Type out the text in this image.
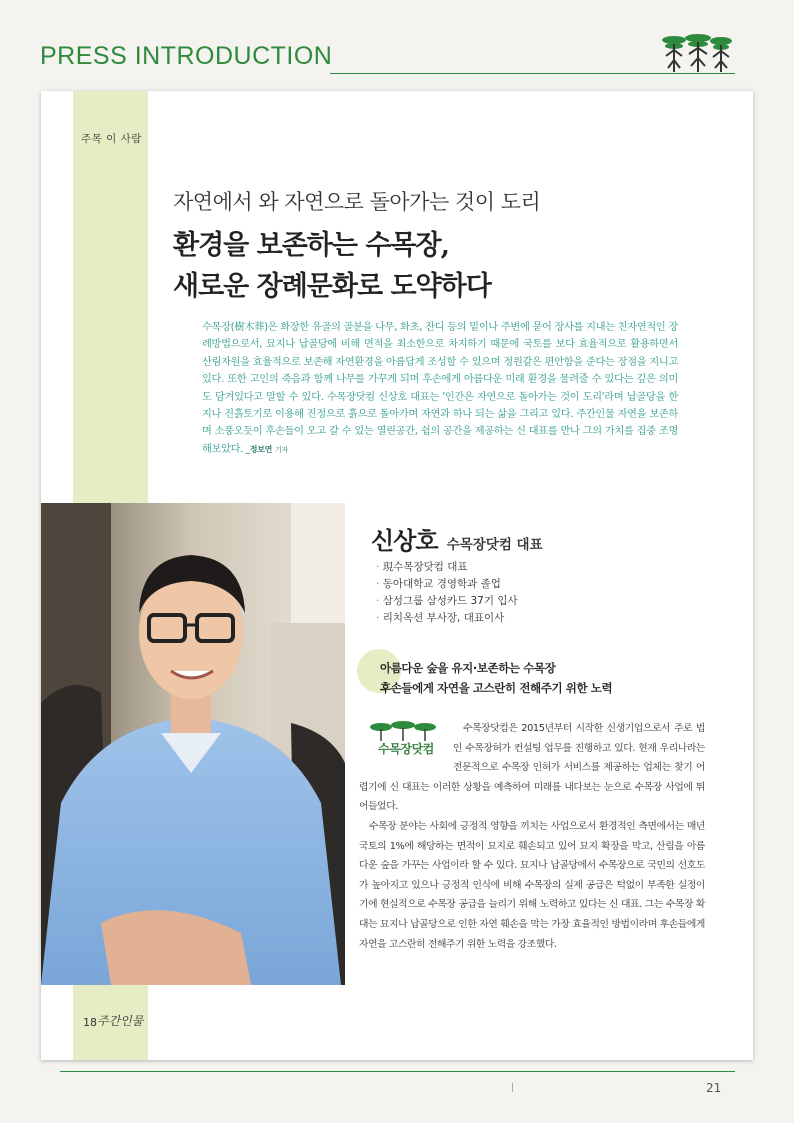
PRESS INTRODUCTION
주목 이 사람
자연에서 와 자연으로 돌아가는 것이 도리
환경을 보존하는 수목장,
새로운 장례문화로 도약하다
수목장(樹木葬)은 화장한 유골의 골분을 나무, 화초, 잔디 등의 밑이나 주변에 묻어 장사를 지내는 친자연적인 장례방법으로서, 묘지나 납골당에 비해 면적을 최소한으로 차지하기 때문에 국토를 보다 효율적으로 활용하면서 산림자원을 효율적으로 보존해 자연환경을 아름답게 조성할 수 있으며 정원같은 편안함을 준다는 장점을 지니고 있다. 또한 고인의 죽음과 함께 나무를 가꾸게 되며 후손에게 아름다운 미래 환경을 물려줄 수 있다는 깊은 의미도 담겨있다고 말할 수 있다. 수목장닷컴 신상호 대표는 '인간은 자연으로 돌아가는 것이 도리'라며 납골당을 한지나 진흙토기로 이용해 진정으로 흙으로 돌아가며 자연과 하나 되는 삶을 그리고 있다. 주간인물 자연을 보존하며 소풍오듯이 후손들이 오고 갈 수 있는 열린공간, 쉼의 공간을 제공하는 신 대표를 만나 그의 가치를 집중 조명해보았다. _정보연 기자
신상호 수목장닷컴 대표
· 現수목장닷컴 대표
· 동아대학교 경영학과 졸업
· 삼성그룹 삼성카드 37기 입사
· 리치옥션 부사장, 대표이사
아름다운 숲을 유지·보존하는 수목장
후손들에게 자연을 고스란히 전해주기 위한 노력
수목장닷컴

수목장닷컴은 2015년부터 시작한 신생기업으로서 주로 법인 수목장허가 컨설팅 업무를 진행하고 있다. 현재 우리나라는 전문적으로 수목장 인허가 서비스를 제공하는 업체는 찾기 어렵기에 신 대표는 이러한 상황을 예측하여 미래를 내다보는 눈으로 수목장 사업에 뛰어들었다.

수목장 분야는 사회에 긍정적 영향을 끼치는 사업으로서 환경적인 측면에서는 매년 국토의 1%에 해당하는 면적이 묘지로 훼손되고 있어 묘지 확장을 막고, 산림을 아름다운 숲을 가꾸는 사업이라 할 수 있다. 묘지나 납골당에서 수목장으로 국민의 선호도가 높아지고 있으나 긍정적 인식에 비해 수목장의 실제 공급은 턱없이 부족한 실정이기에 현실적으로 수목장 공급을 늘리기 위해 노력하고 있다는 신 대표. 그는 수목장 확대는 묘지나 납골당으로 인한 자연 훼손을 막는 가장 효율적인 방법이라며 후손들에게 자연을 고스란히 전해주기 위한 노력을 강조했다.

18 주간인물
21
